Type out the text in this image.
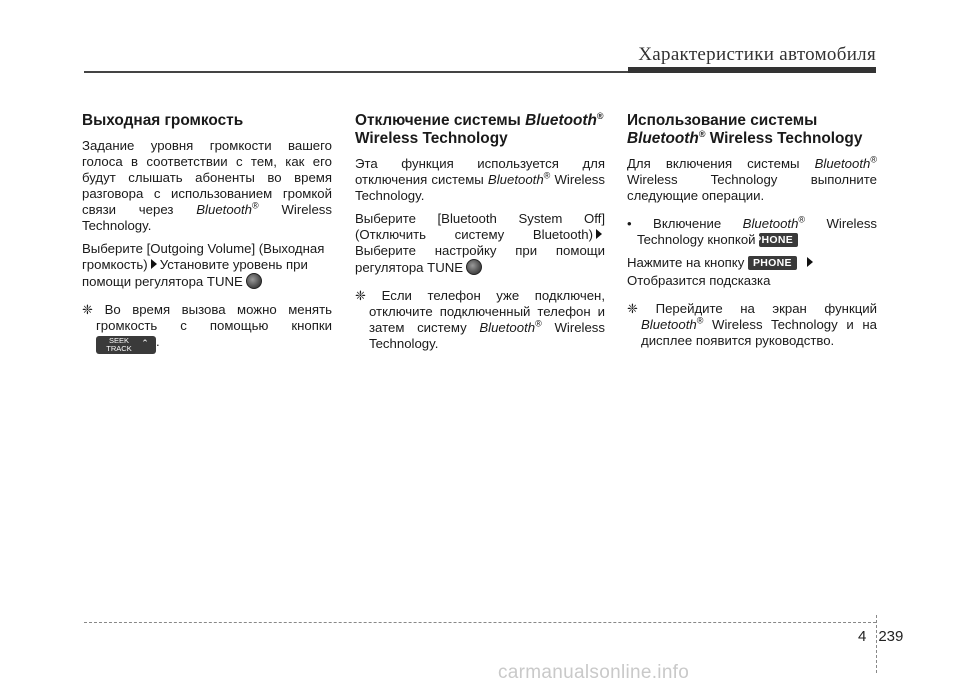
Характеристики автомобиля
Выходная громкость

Задание уровня громкости вашего голоса в соответствии с тем, как его будут слышать абоненты во время разговора с использованием громкой связи через Bluetooth® Wireless Technology.

Выберите [Outgoing Volume] (Выходная громкость) Установите уровень при помощи регулятора TUNE

❈ Во время вызова можно менять громкость с помощью кнопки
⌄	SEEK
TRACK
⌃ .

Отключение системы Bluetooth®
Wireless Technology

Эта функция используется для отключения системы Bluetooth® Wireless Technology.

Выберите [Bluetooth System Off] (Отключить систему Bluetooth) Выберите настройку при помощи регулятора TUNE

❈ Если телефон уже подключен, отключите подключенный телефон и затем систему Bluetooth® Wireless Technology.

Использование системы
Bluetooth® Wireless Technology

Для включения системы Bluetooth® Wireless Technology выполните следующие операции.

• Включение Bluetooth® Wireless Technology кнопкой PHONE

Нажмите на кнопку PHONE

Отобразится подсказка

❈ Перейдите на экран функций Bluetooth® Wireless Technology и на дисплее появится руководство.

4 239
carmanualsonline.info
